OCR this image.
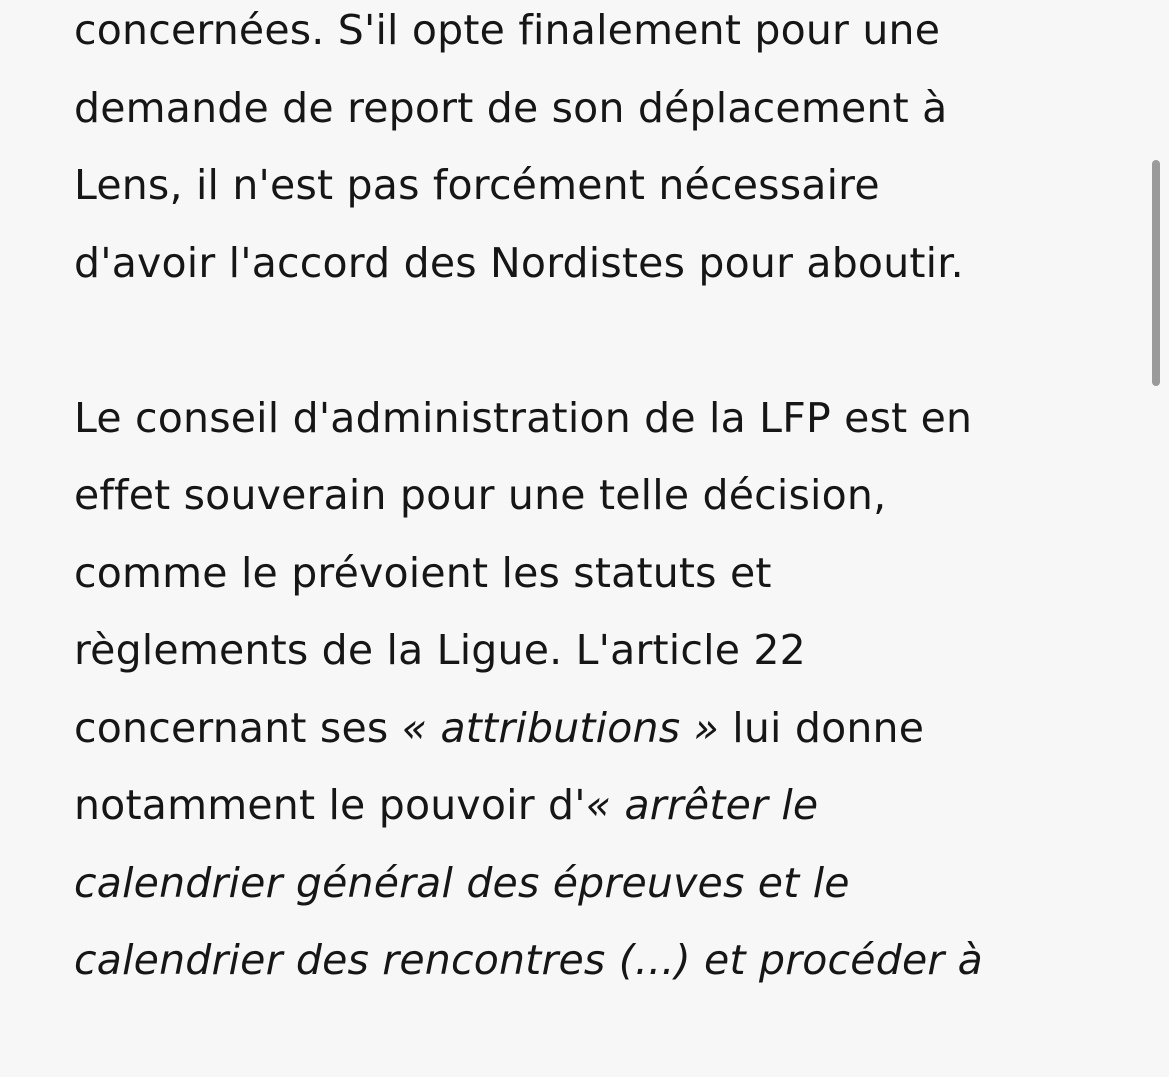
concernées. S'il opte finalement pour une
demande de report de son déplacement à
Lens, il n'est pas forcément nécessaire
d'avoir l'accord des Nordistes pour aboutir.

Le conseil d'administration de la LFP est en
effet souverain pour une telle décision,
comme le prévoient les statuts et
règlements de la Ligue. L'article 22
concernant ses « attributions » lui donne
notamment le pouvoir d'« arrêter le
calendrier général des épreuves et le
calendrier des rencontres (...) et procéder à
